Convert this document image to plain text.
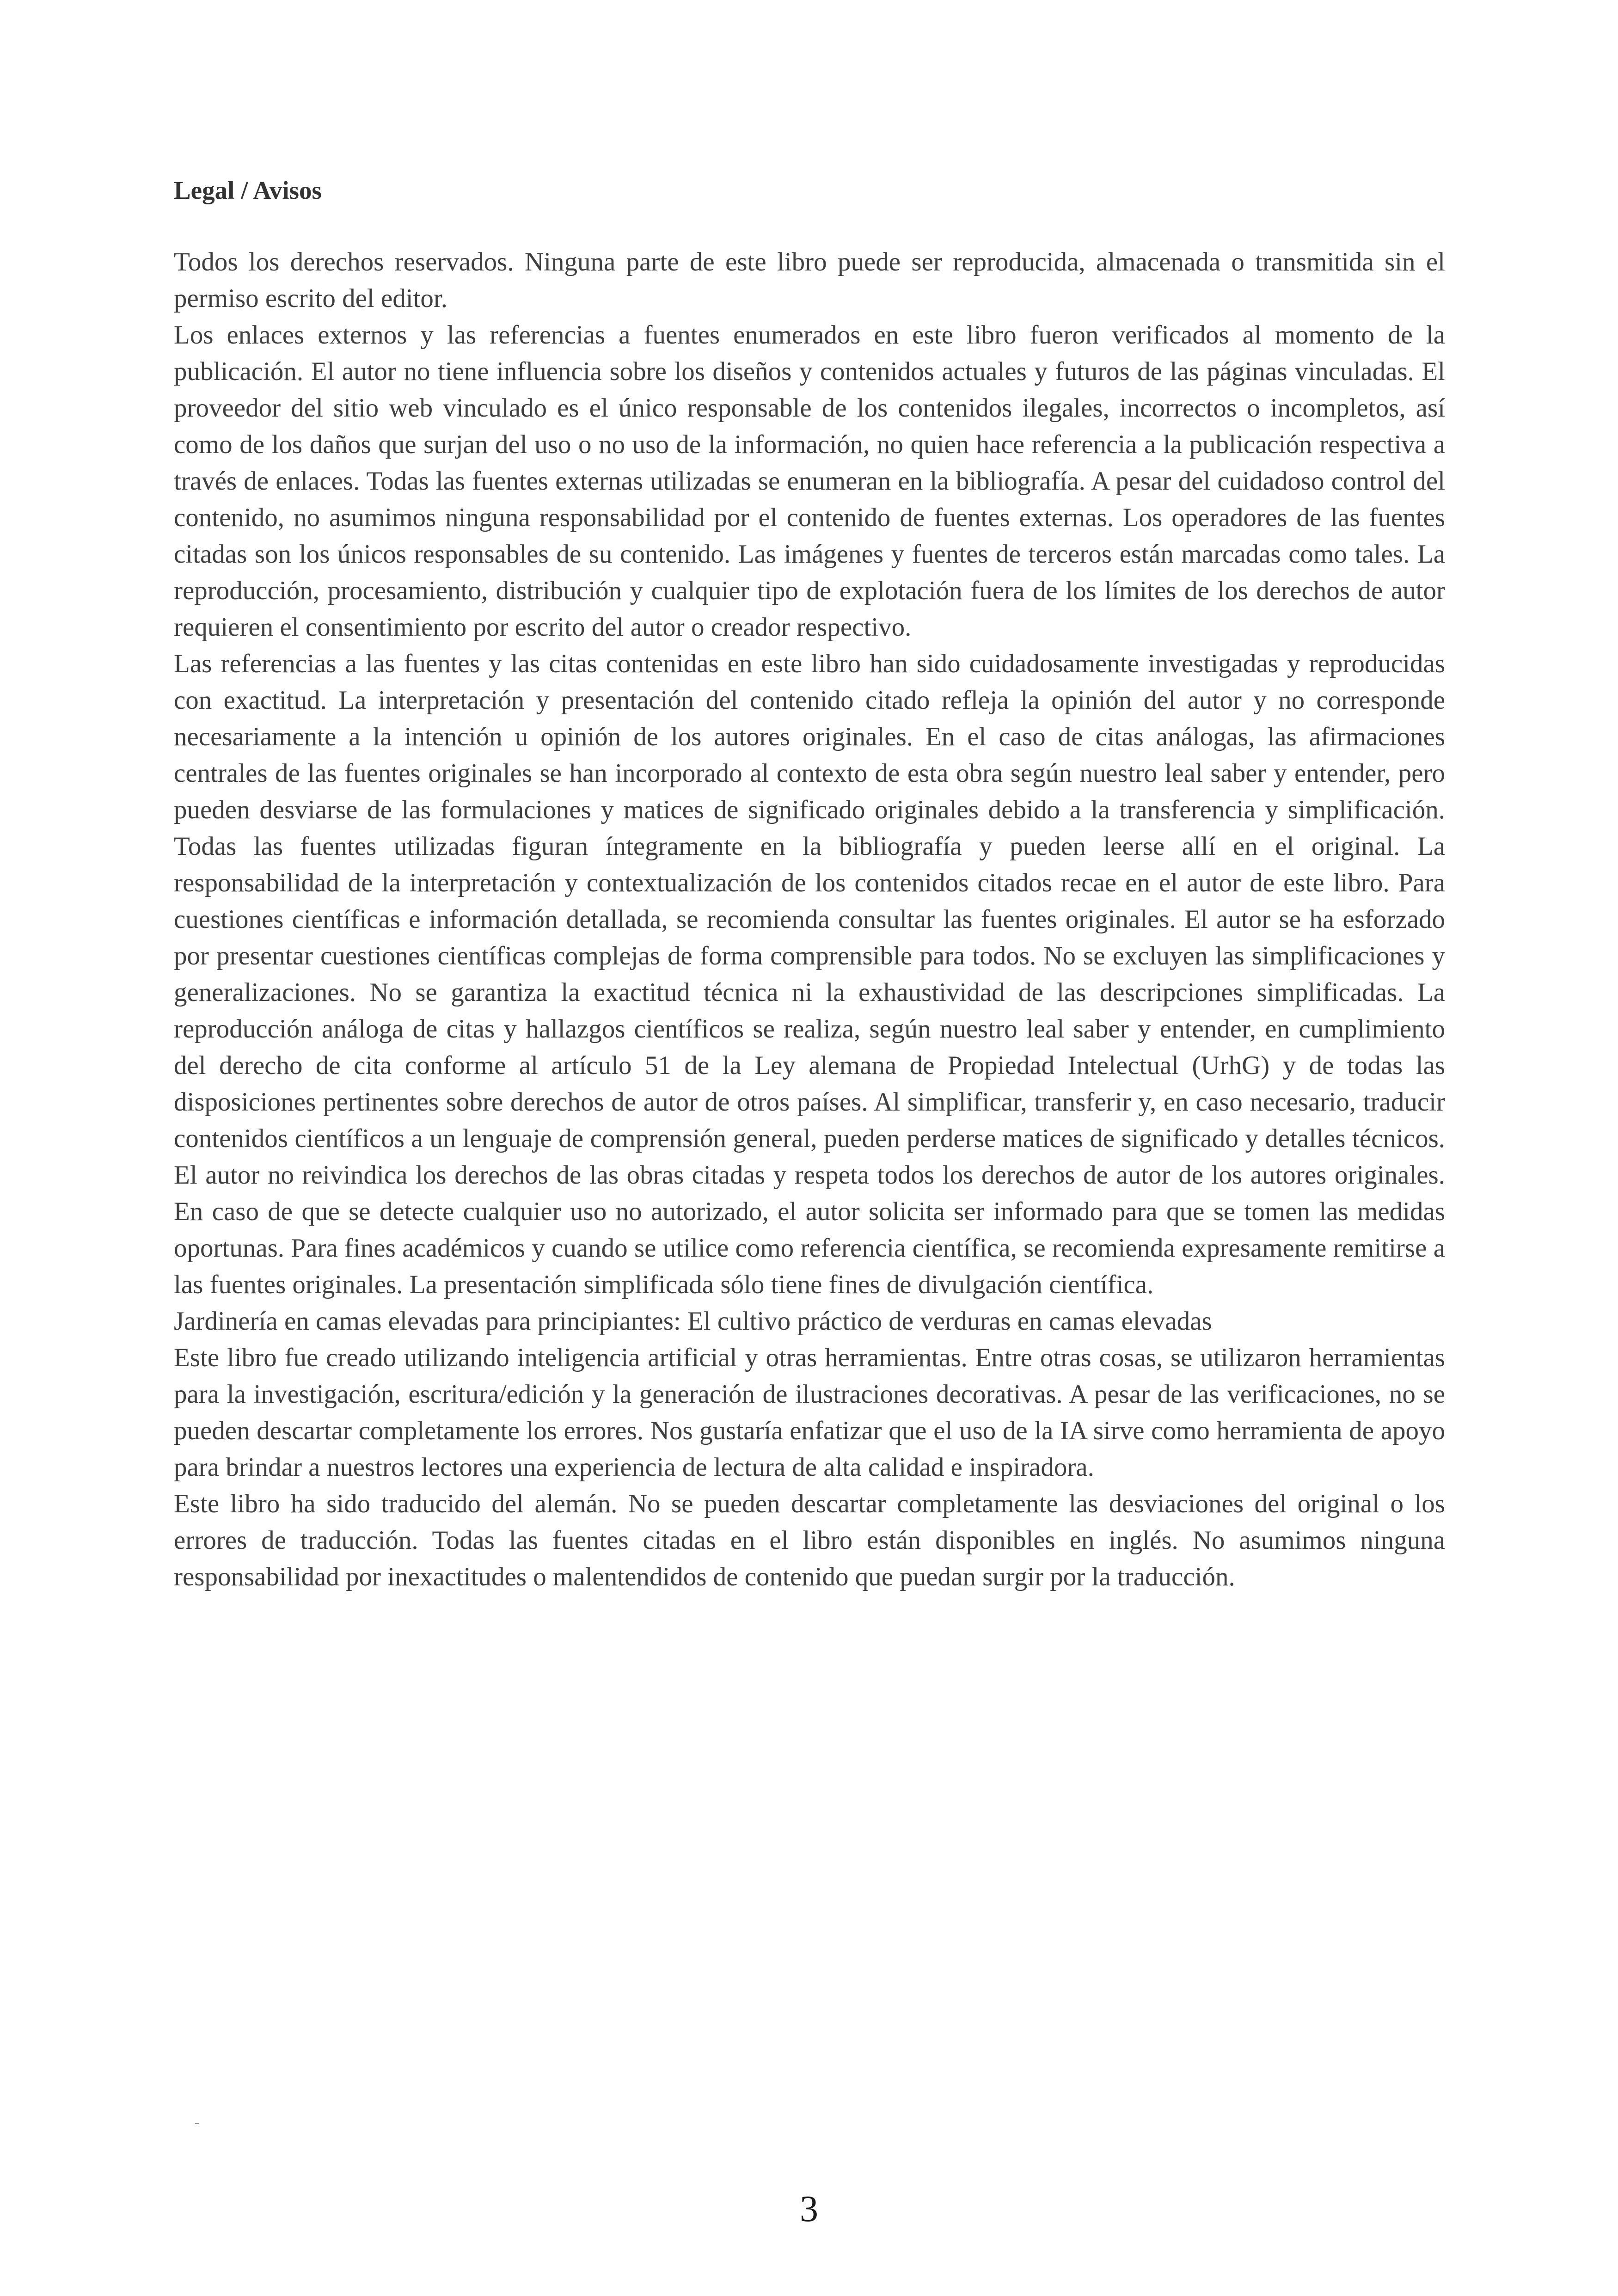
Legal / Avisos

Todos los derechos reservados. Ninguna parte de este libro puede ser reproducida, almacenada o transmitida sin el permiso escrito del editor.

Los enlaces externos y las referencias a fuentes enumerados en este libro fueron verificados al momento de la publicación. El autor no tiene influencia sobre los diseños y contenidos actuales y futuros de las páginas vinculadas. El proveedor del sitio web vinculado es el único responsable de los contenidos ilegales, incorrectos o incompletos, así como de los daños que surjan del uso o no uso de la información, no quien hace referencia a la publicación respectiva a través de enlaces. Todas las fuentes externas utilizadas se enumeran en la bibliografía. A pesar del cuidadoso control del contenido, no asumimos ninguna responsabilidad por el contenido de fuentes externas. Los operadores de las fuentes citadas son los únicos responsables de su contenido. Las imágenes y fuentes de terceros están marcadas como tales. La reproducción, procesamiento, distribución y cualquier tipo de explotación fuera de los límites de los derechos de autor requieren el consentimiento por escrito del autor o creador respectivo.

Las referencias a las fuentes y las citas contenidas en este libro han sido cuidadosamente investigadas y reproducidas con exactitud. La interpretación y presentación del contenido citado refleja la opinión del autor y no corresponde necesariamente a la intención u opinión de los autores originales. En el caso de citas análogas, las afirmaciones centrales de las fuentes originales se han incorporado al contexto de esta obra según nuestro leal saber y entender, pero pueden desviarse de las formulaciones y matices de significado originales debido a la transferencia y simplificación. Todas las fuentes utilizadas figuran íntegramente en la bibliografía y pueden leerse allí en el original. La responsabilidad de la interpretación y contextualización de los contenidos citados recae en el autor de este libro. Para cuestiones científicas e información detallada, se recomienda consultar las fuentes originales. El autor se ha esforzado por presentar cuestiones científicas complejas de forma comprensible para todos. No se excluyen las simplificaciones y generalizaciones. No se garantiza la exactitud técnica ni la exhaustividad de las descripciones simplificadas. La reproducción análoga de citas y hallazgos científicos se realiza, según nuestro leal saber y entender, en cumplimiento del derecho de cita conforme al artículo 51 de la Ley alemana de Propiedad Intelectual (UrhG) y de todas las disposiciones pertinentes sobre derechos de autor de otros países. Al simplificar, transferir y, en caso necesario, traducir contenidos científicos a un lenguaje de comprensión general, pueden perderse matices de significado y detalles técnicos. El autor no reivindica los derechos de las obras citadas y respeta todos los derechos de autor de los autores originales. En caso de que se detecte cualquier uso no autorizado, el autor solicita ser informado para que se tomen las medidas oportunas. Para fines académicos y cuando se utilice como referencia científica, se recomienda expresamente remitirse a las fuentes originales. La presentación simplificada sólo tiene fines de divulgación científica.

Jardinería en camas elevadas para principiantes: El cultivo práctico de verduras en camas elevadas

Este libro fue creado utilizando inteligencia artificial y otras herramientas. Entre otras cosas, se utilizaron herramientas para la investigación, escritura/edición y la generación de ilustraciones decorativas. A pesar de las verificaciones, no se pueden descartar completamente los errores. Nos gustaría enfatizar que el uso de la IA sirve como herramienta de apoyo para brindar a nuestros lectores una experiencia de lectura de alta calidad e inspiradora.

Este libro ha sido traducido del alemán. No se pueden descartar completamente las desviaciones del original o los errores de traducción. Todas las fuentes citadas en el libro están disponibles en inglés. No asumimos ninguna responsabilidad por inexactitudes o malentendidos de contenido que puedan surgir por la traducción.

3
